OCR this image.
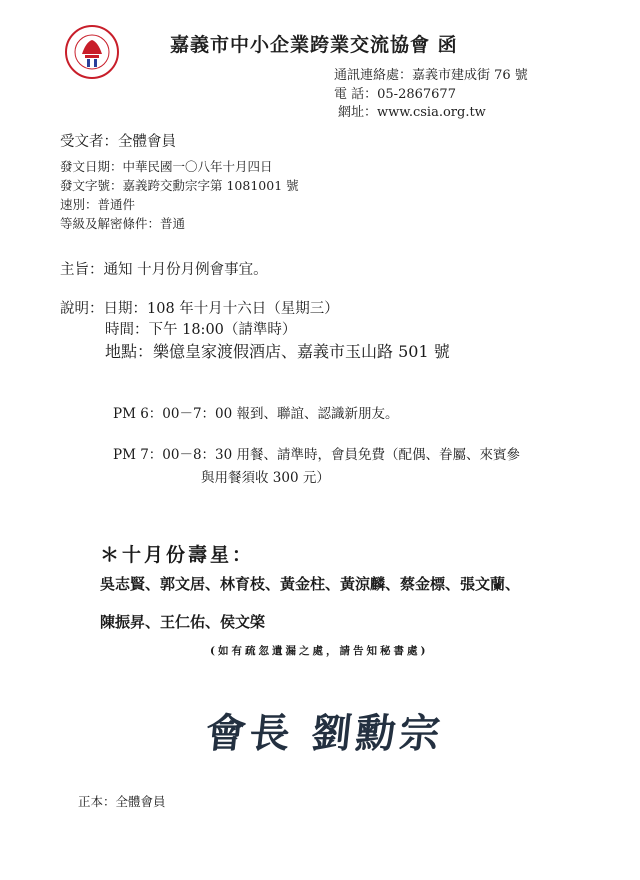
嘉義市中小企業跨業交流協會 函
通訊連絡處：嘉義市建成街 76 號
電 話：05-2867677
網址：www.csia.org.tw
受文者：全體會員
發文日期：中華民國一〇八年十月四日
發文字號：嘉義跨交勳宗字第 1081001 號
速別：普通件
等級及解密條件：普通
主旨：通知 十月份月例會事宜。
說明：日期：108 年十月十六日（星期三）
時間：下午 18:00（請準時）
地點：樂億皇家渡假酒店、嘉義市玉山路 501 號
PM 6：00－7：00 報到、聯誼、認識新朋友。
PM 7：00－8：30 用餐、請準時，會員免費（配偶、眷屬、來賓參
與用餐須收 300 元）
＊十月份壽星：
吳志賢、郭文居、林育枝、黃金柱、黃涼麟、蔡金標、張文蘭、
陳振昇、王仁佑、侯文棨
(如有疏忽遺漏之處，請告知秘書處)
會長 劉勳宗
正本：全體會員
